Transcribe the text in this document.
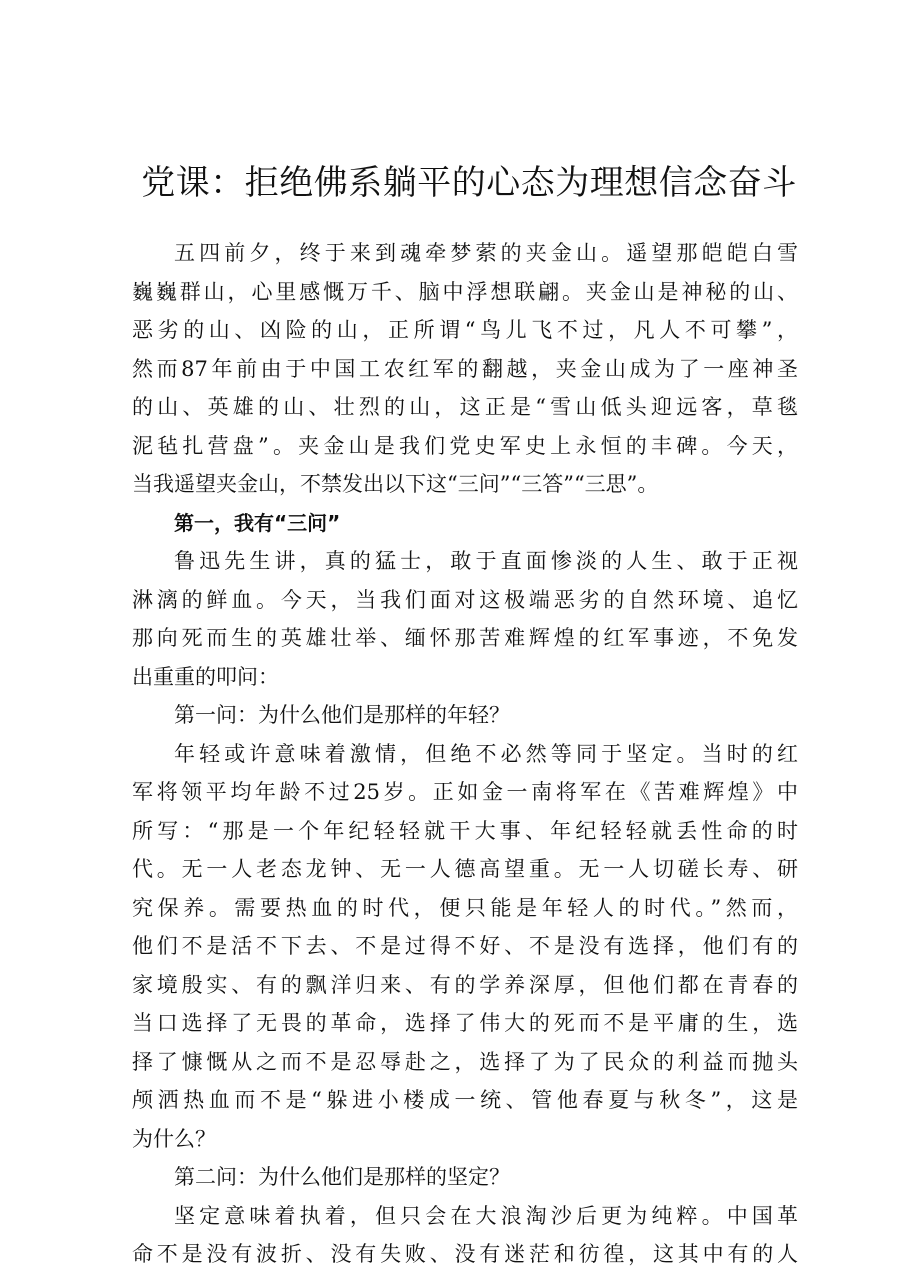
党课：拒绝佛系躺平的心态为理想信念奋斗
五四前夕，终于来到魂牵梦萦的夹金山。遥望那皑皑白雪
巍巍群山，心里感慨万千、脑中浮想联翩。夹金山是神秘的山、
恶劣的山、凶险的山，正所谓“鸟儿飞不过，凡人不可攀”，
然而87年前由于中国工农红军的翻越，夹金山成为了一座神圣
的山、英雄的山、壮烈的山，这正是“雪山低头迎远客，草毯
泥毡扎营盘”。夹金山是我们党史军史上永恒的丰碑。今天，
当我遥望夹金山，不禁发出以下这“三问”“三答”“三思”。
第一，我有“三问”
鲁迅先生讲，真的猛士，敢于直面惨淡的人生、敢于正视
淋漓的鲜血。今天，当我们面对这极端恶劣的自然环境、追忆
那向死而生的英雄壮举、缅怀那苦难辉煌的红军事迹，不免发
出重重的叩问：
第一问：为什么他们是那样的年轻？
年轻或许意味着激情，但绝不必然等同于坚定。当时的红
军将领平均年龄不过25岁。正如金一南将军在《苦难辉煌》中
所写：“那是一个年纪轻轻就干大事、年纪轻轻就丢性命的时
代。无一人老态龙钟、无一人德高望重。无一人切磋长寿、研
究保养。需要热血的时代，便只能是年轻人的时代。”然而，
他们不是活不下去、不是过得不好、不是没有选择，他们有的
家境殷实、有的飘洋归来、有的学养深厚，但他们都在青春的
当口选择了无畏的革命，选择了伟大的死而不是平庸的生，选
择了慷慨从之而不是忍辱赴之，选择了为了民众的利益而抛头
颅洒热血而不是“躲进小楼成一统、管他春夏与秋冬”，这是
为什么？
第二问：为什么他们是那样的坚定？
坚定意味着执着，但只会在大浪淘沙后更为纯粹。中国革
命不是没有波折、没有失败、没有迷茫和彷徨，这其中有的人
